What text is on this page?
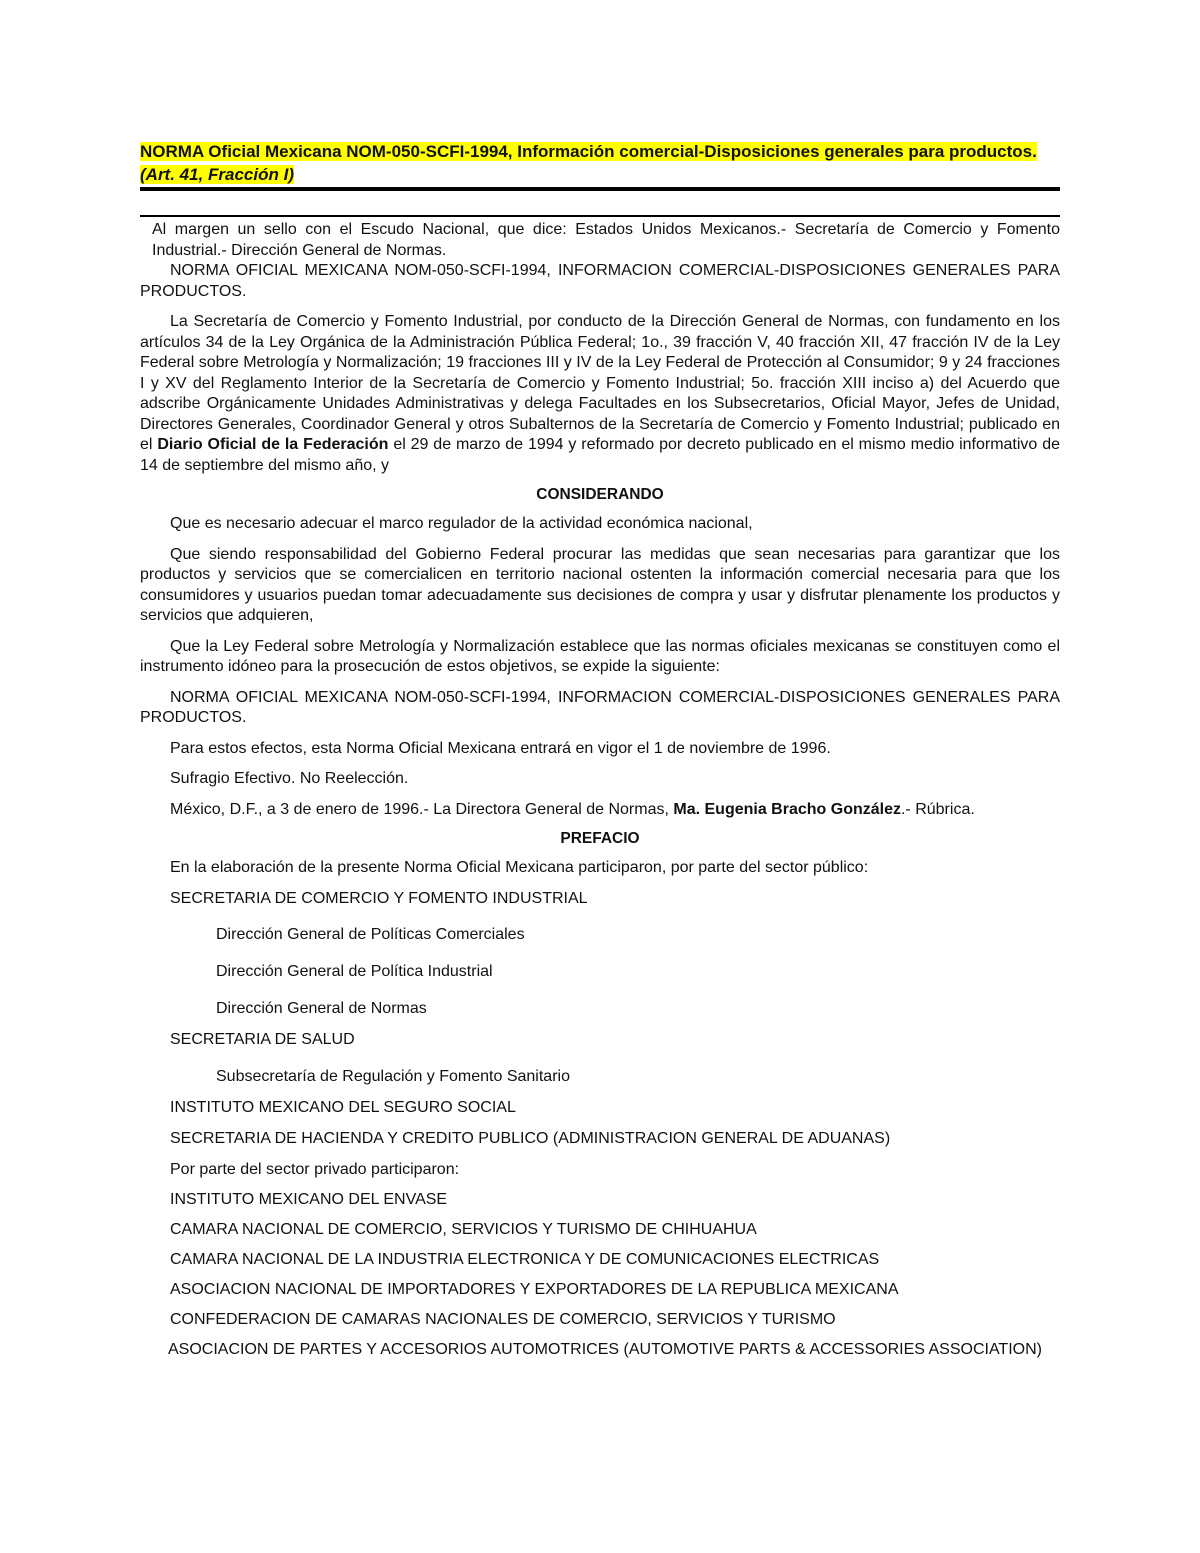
NORMA Oficial Mexicana NOM-050-SCFI-1994, Información comercial-Disposiciones generales para productos. (Art. 41, Fracción I)

Al margen un sello con el Escudo Nacional, que dice: Estados Unidos Mexicanos.- Secretaría de Comercio y Fomento Industrial.- Dirección General de Normas.

NORMA OFICIAL MEXICANA NOM-050-SCFI-1994, INFORMACION COMERCIAL-DISPOSICIONES GENERALES PARA PRODUCTOS.

La Secretaría de Comercio y Fomento Industrial, por conducto de la Dirección General de Normas, con fundamento en los artículos 34 de la Ley Orgánica de la Administración Pública Federal; 1o., 39 fracción V, 40 fracción XII, 47 fracción IV de la Ley Federal sobre Metrología y Normalización; 19 fracciones III y IV de la Ley Federal de Protección al Consumidor; 9 y 24 fracciones I y XV del Reglamento Interior de la Secretaría de Comercio y Fomento Industrial; 5o. fracción XIII inciso a) del Acuerdo que adscribe Orgánicamente Unidades Administrativas y delega Facultades en los Subsecretarios, Oficial Mayor, Jefes de Unidad, Directores Generales, Coordinador General y otros Subalternos de la Secretaría de Comercio y Fomento Industrial; publicado en el Diario Oficial de la Federación el 29 de marzo de 1994 y reformado por decreto publicado en el mismo medio informativo de 14 de septiembre del mismo año, y

CONSIDERANDO

Que es necesario adecuar el marco regulador de la actividad económica nacional,

Que siendo responsabilidad del Gobierno Federal procurar las medidas que sean necesarias para garantizar que los productos y servicios que se comercialicen en territorio nacional ostenten la información comercial necesaria para que los consumidores y usuarios puedan tomar adecuadamente sus decisiones de compra y usar y disfrutar plenamente los productos y servicios que adquieren,

Que la Ley Federal sobre Metrología y Normalización establece que las normas oficiales mexicanas se constituyen como el instrumento idóneo para la prosecución de estos objetivos, se expide la siguiente:

NORMA OFICIAL MEXICANA NOM-050-SCFI-1994, INFORMACION COMERCIAL-DISPOSICIONES GENERALES PARA PRODUCTOS.

Para estos efectos, esta Norma Oficial Mexicana entrará en vigor el 1 de noviembre de 1996.

Sufragio Efectivo. No Reelección.

México, D.F., a 3 de enero de 1996.- La Directora General de Normas, Ma. Eugenia Bracho González.- Rúbrica.

PREFACIO

En la elaboración de la presente Norma Oficial Mexicana participaron, por parte del sector público:

SECRETARIA DE COMERCIO Y FOMENTO INDUSTRIAL

Dirección General de Políticas Comerciales

Dirección General de Política Industrial

Dirección General de Normas

SECRETARIA DE SALUD

Subsecretaría de Regulación y Fomento Sanitario

INSTITUTO MEXICANO DEL SEGURO SOCIAL

SECRETARIA DE HACIENDA Y CREDITO PUBLICO (ADMINISTRACION GENERAL DE ADUANAS)

Por parte del sector privado participaron:

INSTITUTO MEXICANO DEL ENVASE

CAMARA NACIONAL DE COMERCIO, SERVICIOS Y TURISMO DE CHIHUAHUA

CAMARA NACIONAL DE LA INDUSTRIA ELECTRONICA Y DE COMUNICACIONES ELECTRICAS

ASOCIACION NACIONAL DE IMPORTADORES Y EXPORTADORES DE LA REPUBLICA MEXICANA

CONFEDERACION DE CAMARAS NACIONALES DE COMERCIO, SERVICIOS Y TURISMO

ASOCIACION DE PARTES Y ACCESORIOS AUTOMOTRICES (AUTOMOTIVE PARTS & ACCESSORIES ASSOCIATION)
